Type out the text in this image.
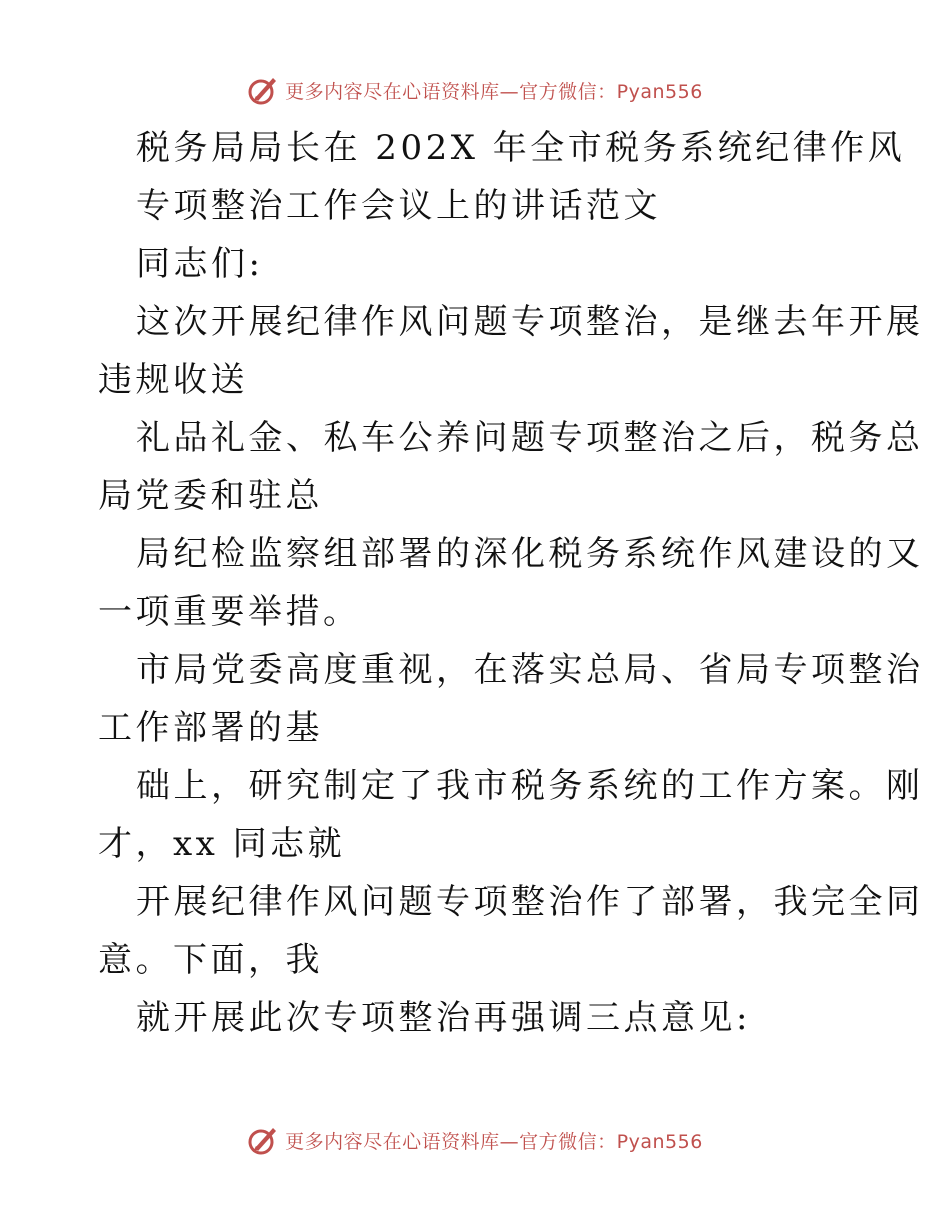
更多内容尽在心语资料库—官方微信：Pyan556
税务局局长在 202X 年全市税务系统纪律作风
专项整治工作会议上的讲话范文
同志们:
这次开展纪律作风问题专项整治，是继去年开展
违规收送
礼品礼金、私车公养问题专项整治之后，税务总
局党委和驻总
局纪检监察组部署的深化税务系统作风建设的又
一项重要举措。
市局党委高度重视，在落实总局、省局专项整治
工作部署的基
础上，研究制定了我市税务系统的工作方案。刚
才，xx 同志就
开展纪律作风问题专项整治作了部署，我完全同
意。下面，我
就开展此次专项整治再强调三点意见:
更多内容尽在心语资料库—官方微信：Pyan556
